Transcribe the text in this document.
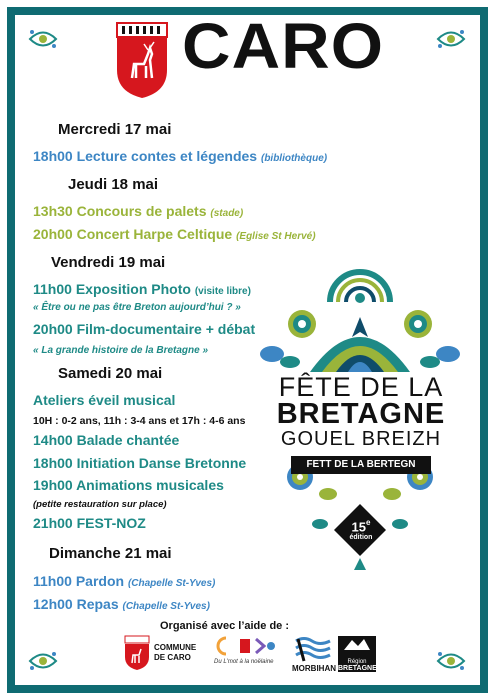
CARO
Mercredi 17 mai
18h00 Lecture contes et légendes (bibliothèque)
Jeudi 18 mai
13h30 Concours de palets (stade)
20h00 Concert Harpe Celtique (Eglise St Hervé)
Vendredi 19 mai
11h00 Exposition Photo (visite libre)
« Être ou ne pas être Breton aujourd’hui ? »
20h00 Film-documentaire + débat
« La grande histoire de la Bretagne »
Samedi 20 mai
Ateliers éveil musical
10H : 0-2 ans, 11h : 3-4 ans et 17h : 4-6 ans
14h00 Balade chantée
18h00 Initiation Danse Bretonne
19h00 Animations musicales
(petite restauration sur place)
21h00 FEST-NOZ
Dimanche 21 mai
11h00 Pardon (Chapelle St-Yves)
12h00 Repas (Chapelle St-Yves)
FÊTE DE LA
BRETAGNE
GOUEL BREIZH
FETT DE LA BERTEGN
15e
édition
Organisé avec l’aide de :
COMMUNE DE CARO
Du L'mot à la noëlaine
MORBIHAN
Région
BRETAGNE
